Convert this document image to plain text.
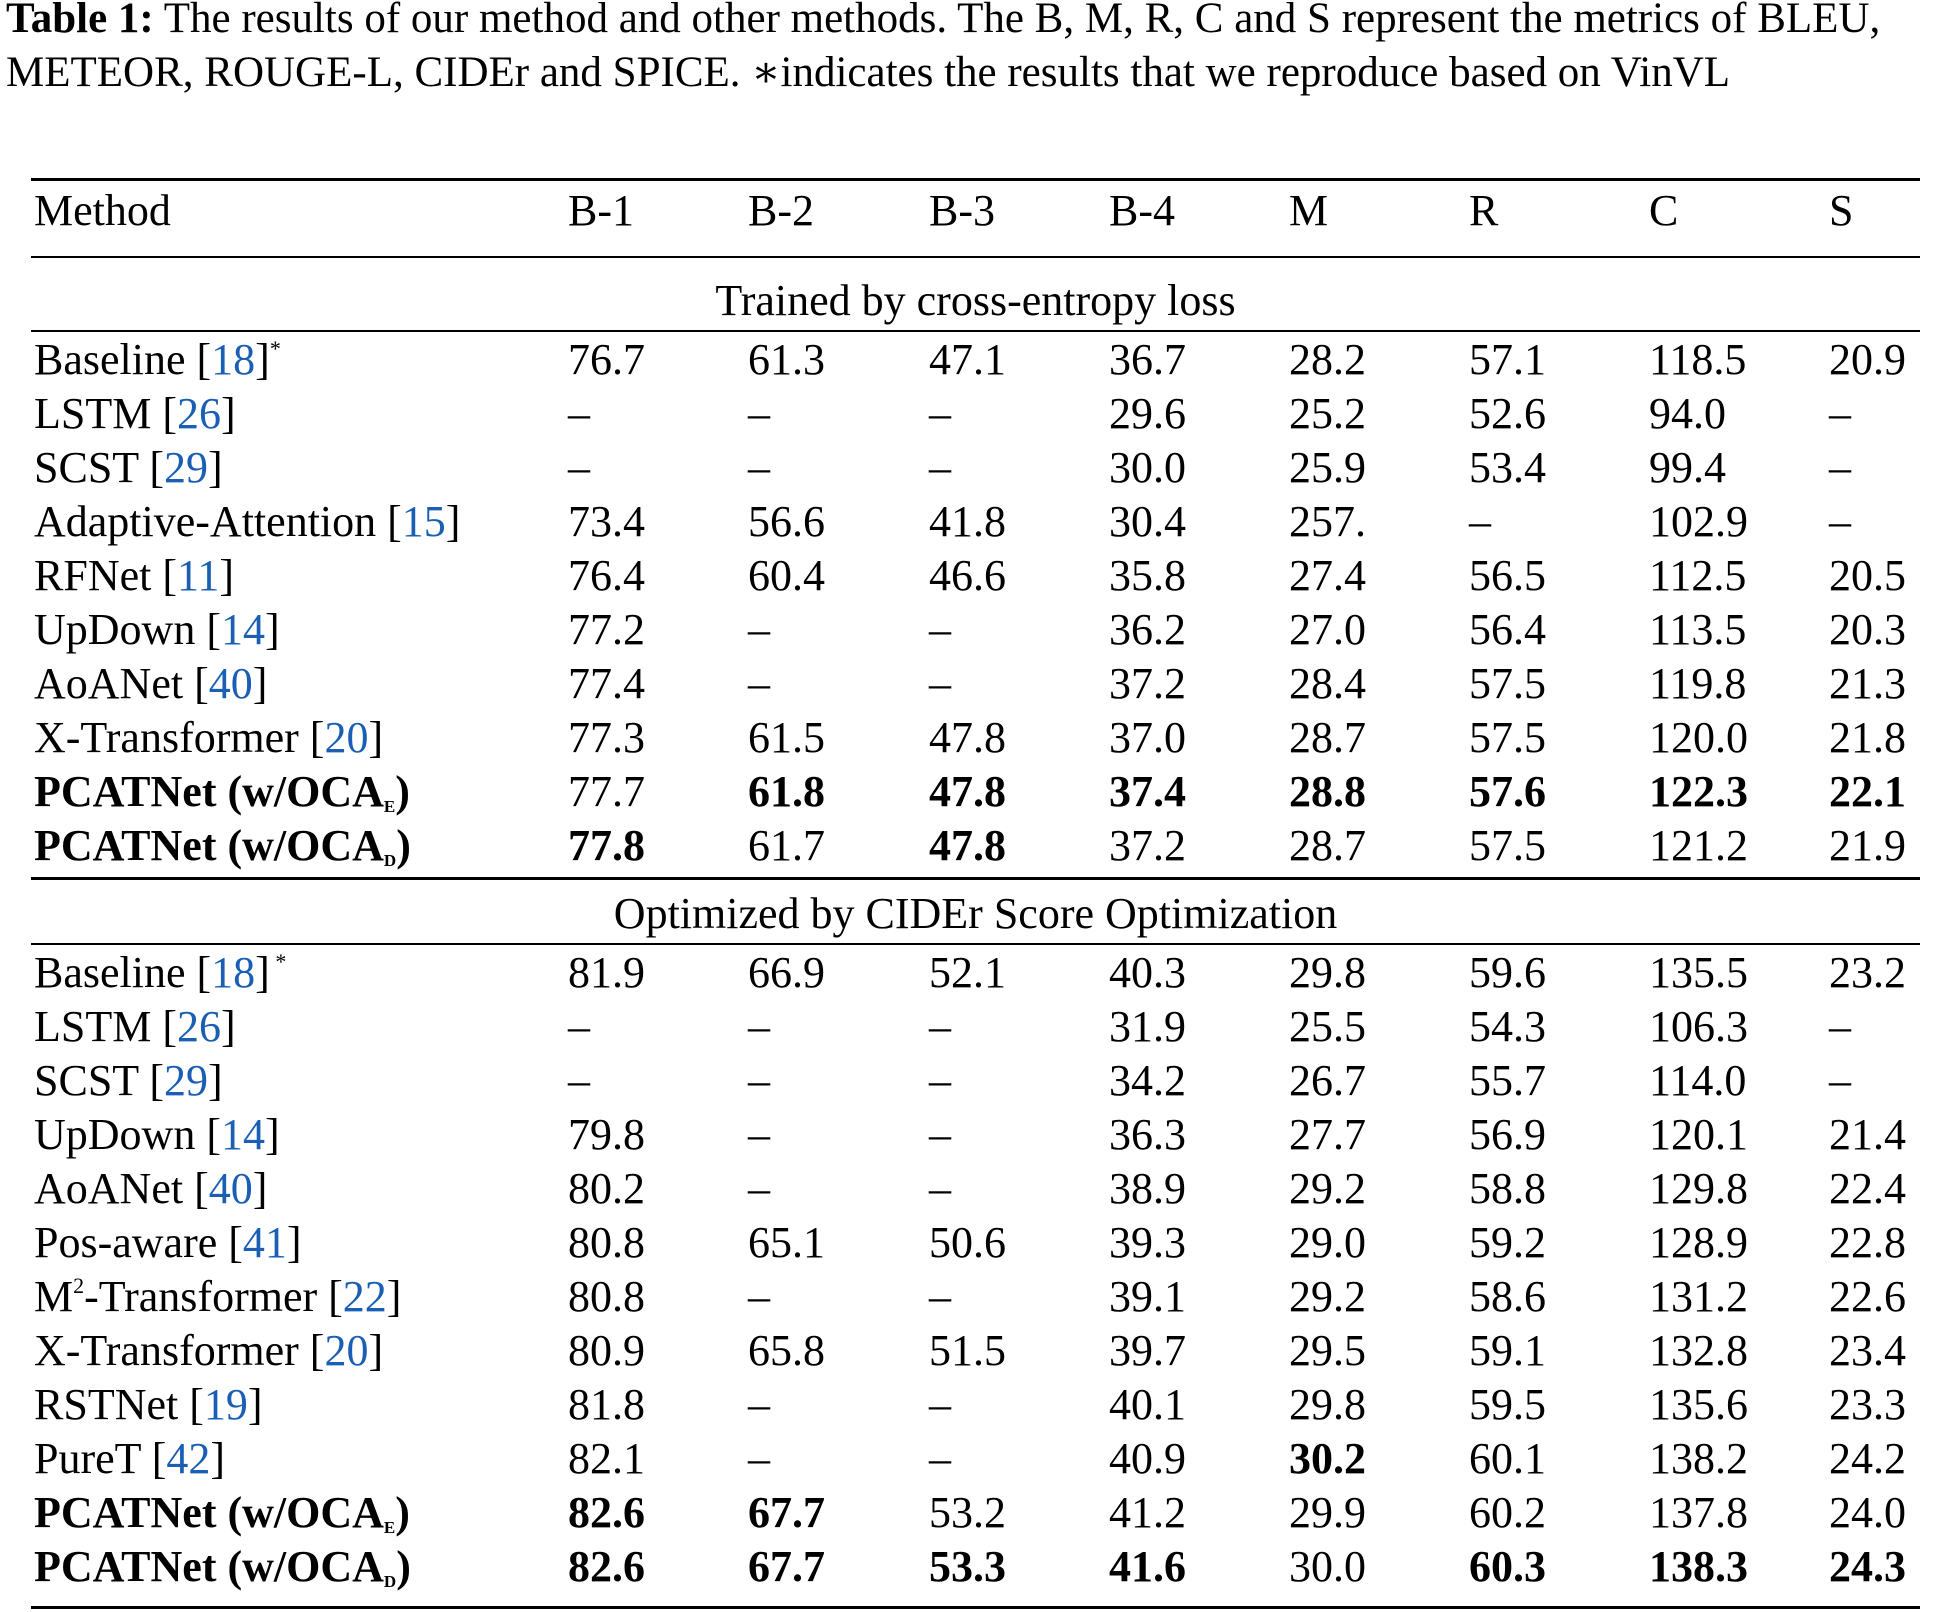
Table 1: The results of our method and other methods. The B, M, R, C and S represent the metrics of BLEU, METEOR, ROUGE-L, CIDEr and SPICE. ∗indicates the results that we reproduce based on VinVL

Method	B-1	B-2	B-3	B-4	M	R	C	S
Trained by cross-entropy loss
Baseline [18]*	76.7 61.3 47.1 36.7 28.2 57.1 118.5 20.9
LSTM [26]	–	–	–	29.6 25.2 52.6 94.0 –
SCST [29]	–	–	–	30.0 25.9 53.4 99.4 –
Adaptive-Attention [15] 73.4 56.6 41.8 30.4 257. –	102.9 –
RFNet [11]	76.4 60.4 46.6 35.8 27.4 56.5 112.5 20.5
UpDown [14]	77.2 –	–	36.2 27.0 56.4 113.5 20.3
AoANet [40]	77.4 –	–	37.2 28.4 57.5 119.8 21.3
X-Transformer [20]	77.3 61.5 47.8 37.0 28.7 57.5 120.0 21.8
PCATNet $(w/OCA_E)$	77.7 61.8 47.8 37.4 28.8 57.6 122.3 22.1
PCATNet $(w/OCA_D)$	77.8 61.7 47.8 37.2 28.7 57.5 121.2 21.9
Optimized by CIDEr Score Optimization
Baseline [18] *	81.9 66.9 52.1 40.3 29.8 59.6 135.5 23.2
LSTM [26]	–	–	–	31.9 25.5 54.3 106.3 –
SCST [29]	–	–	–	34.2 26.7 55.7 114.0 –
UpDown [14]	79.8 –	–	36.3 27.7 56.9 120.1 21.4
AoANet [40]	80.2 –	–	38.9 29.2 58.8 129.8 22.4
Pos-aware [41]	80.8 65.1 50.6 39.3 29.0 59.2 128.9 22.8
$M^2$-Transformer [22]	80.8 –	–	39.1 29.2 58.6 131.2 22.6
X-Transformer [20]	80.9 65.8 51.5 39.7 29.5 59.1 132.8 23.4
RSTNet [19]	81.8 –	–	40.1 29.8 59.5 135.6 23.3
PureT [42]	82.1 –	–	40.9 30.2 60.1 138.2 24.2
PCATNet $(w/OCA_E)$	82.6 67.7 53.2 41.2 29.9 60.2 137.8 24.0
PCATNet $(w/OCA_D)$	82.6 67.7 53.3 41.6 30.0 60.3 138.3 24.3
